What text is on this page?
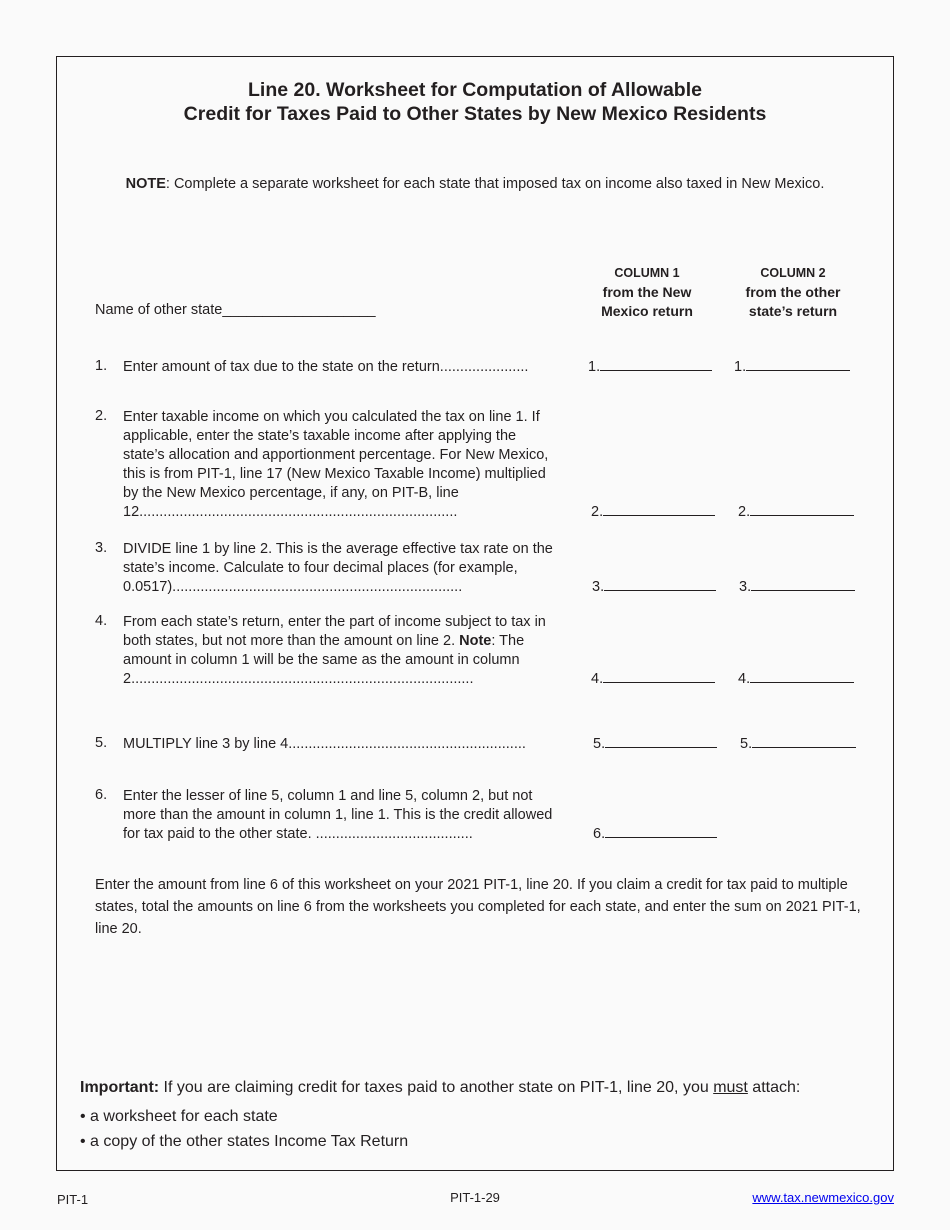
Line 20. Worksheet for Computation of Allowable
Credit for Taxes Paid to Other States by New Mexico Residents
NOTE: Complete a separate worksheet for each state that imposed tax on income also taxed in New Mexico.
COLUMN 1
from the New
Mexico return
COLUMN 2
from the other
state’s return
Name of other state___________________
1. Enter amount of tax due to the state on the return......................	1.	1.
2. Enter taxable income on which you calculated the tax on line 1. If applicable, enter the state’s taxable income after applying the state’s allocation and apportionment percentage. For New Mexico, this is from PIT-1, line 17 (New Mexico Taxable Income) multiplied by the New Mexico percentage, if any, on PIT-B, line 12...............................................................................	2.	2.
3. DIVIDE line 1 by line 2. This is the average effective tax rate on the state’s income. Calculate to four decimal places (for example, 0.0517)........................................................................	3.	3.
4. From each state’s return, enter the part of income subject to tax in both states, but not more than the amount on line 2. Note: The amount in column 1 will be the same as the amount in column 2.....................................................................................	4.	4.
5. MULTIPLY line 3 by line 4...........................................................	5.	5.
6. Enter the lesser of line 5, column 1 and line 5, column 2, but not more than the amount in column 1, line 1. This is the credit allowed for tax paid to the other state. .......................................	6.
Enter the amount from line 6 of this worksheet on your 2021 PIT-1, line 20. If you claim a credit for tax paid to multiple states, total the amounts on line 6 from the worksheets you completed for each state, and enter the sum on 2021 PIT-1, line 20.
Important: If you are claiming credit for taxes paid to another state on PIT-1, line 20, you must attach:
• a worksheet for each state
• a copy of the other states Income Tax Return
PIT-1	PIT-1-29	www.tax.newmexico.gov
